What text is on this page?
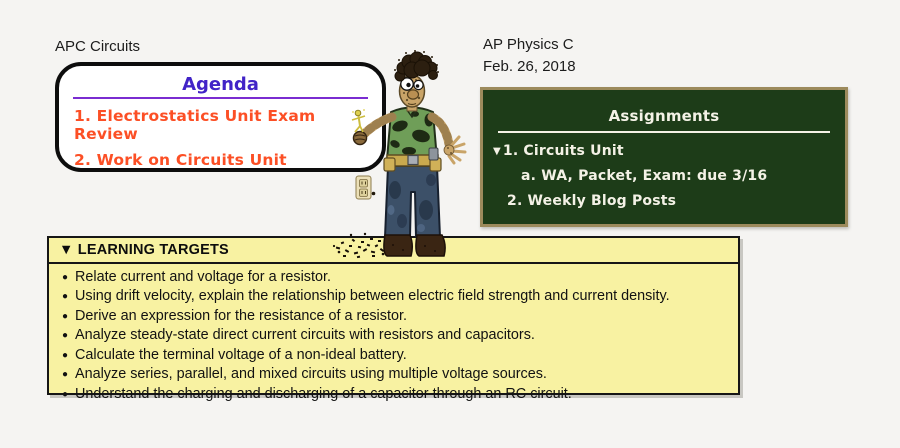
APC Circuits
Agenda
1. Electrostatics Unit Exam Review
2. Work on Circuits Unit
AP Physics C
Feb. 26, 2018
Assignments
▼ 1. Circuits Unit
a. WA, Packet, Exam: due 3/16
2. Weekly Blog Posts
▼ LEARNING TARGETS
● Relate current and voltage for a resistor.
● Using drift velocity, explain the relationship between electric field strength and current density.
● Derive an expression for the resistance of a resistor.
● Analyze steady-state direct current circuits with resistors and capacitors.
● Calculate the terminal voltage of a non-ideal battery.
● Analyze series, parallel, and mixed circuits using multiple voltage sources.
● Understand the charging and discharging of a capacitor through an RC circuit.
